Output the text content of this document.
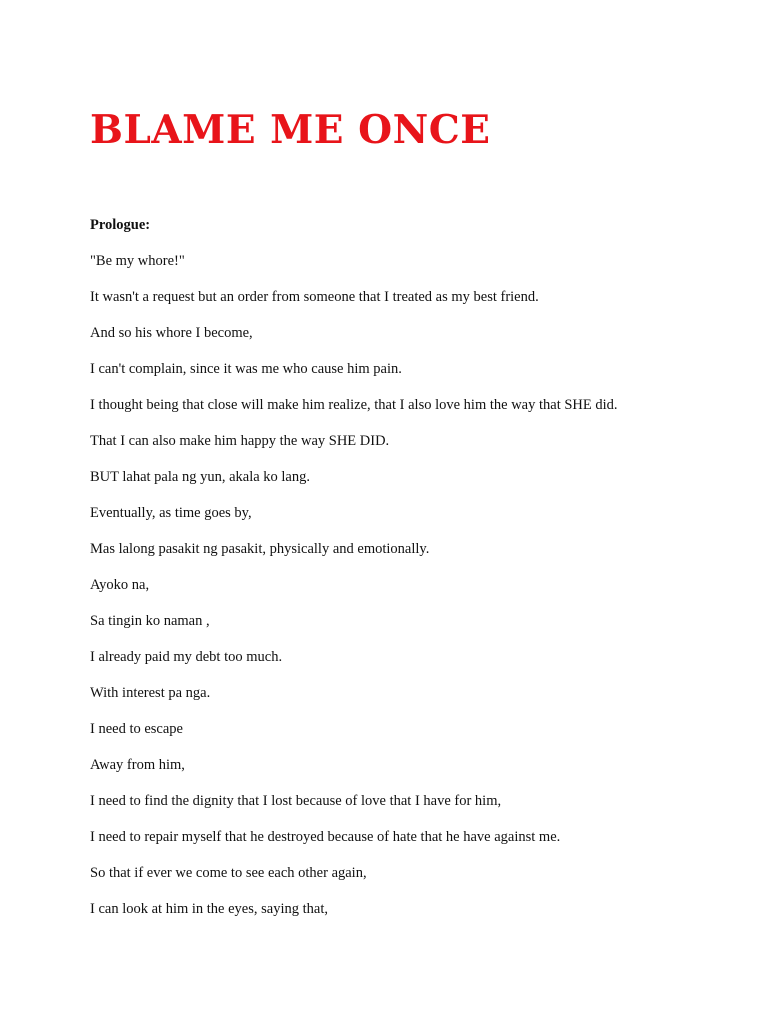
BLAME ME ONCE
Prologue:
"Be my whore!"
It wasn't a request but an order from someone that I treated as my best friend.
And so his whore I become,
I can't complain, since it was me who cause him pain.
I thought being that close will make him realize, that I also love him the way that SHE did.
That I can also make him happy the way SHE DID.
BUT lahat pala ng yun, akala ko lang.
Eventually, as time goes by,
Mas lalong pasakit ng pasakit, physically and emotionally.
Ayoko na,
Sa tingin ko naman ,
I already paid my debt too much.
With interest pa nga.
I need to escape
Away from him,
I need to find the dignity that I lost because of love that I have for him,
I need to repair myself that he destroyed because of hate that he have against me.
So that if ever we come to see each other again,
I can look at him in the eyes, saying that,
